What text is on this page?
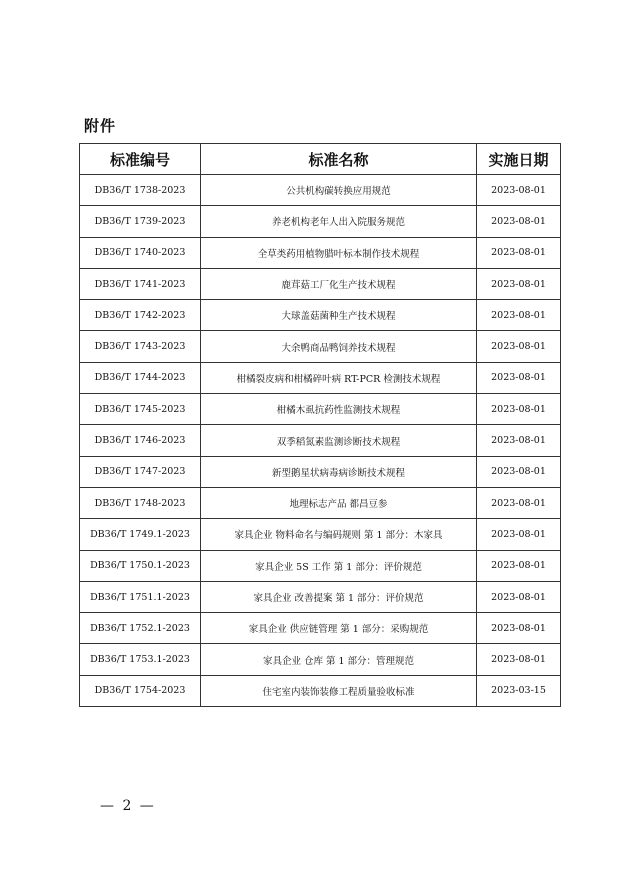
附件
标准编号	标准名称	实施日期
DB36/T 1738-2023	公共机构碳转换应用规范	2023-08-01
DB36/T 1739-2023	养老机构老年人出入院服务规范	2023-08-01
DB36/T 1740-2023	全草类药用植物腊叶标本制作技术规程	2023-08-01
DB36/T 1741-2023	鹿茸菇工厂化生产技术规程	2023-08-01
DB36/T 1742-2023	大球盖菇菌种生产技术规程	2023-08-01
DB36/T 1743-2023	大余鸭商品鸭饲养技术规程	2023-08-01
DB36/T 1744-2023	柑橘裂皮病和柑橘碎叶病 RT-PCR 检测技术规程	2023-08-01
DB36/T 1745-2023	柑橘木虱抗药性监测技术规程	2023-08-01
DB36/T 1746-2023	双季稻氮素监测诊断技术规程	2023-08-01
DB36/T 1747-2023	新型鹅星状病毒病诊断技术规程	2023-08-01
DB36/T 1748-2023	地理标志产品 都昌豆参	2023-08-01
DB36/T 1749.1-2023	家具企业 物料命名与编码规则 第 1 部分：木家具	2023-08-01
DB36/T 1750.1-2023	家具企业 5S 工作 第 1 部分：评价规范	2023-08-01
DB36/T 1751.1-2023	家具企业 改善提案 第 1 部分：评价规范	2023-08-01
DB36/T 1752.1-2023	家具企业 供应链管理 第 1 部分：采购规范	2023-08-01
DB36/T 1753.1-2023	家具企业 仓库 第 1 部分：管理规范	2023-08-01
DB36/T 1754-2023	住宅室内装饰装修工程质量验收标准	2023-03-15
— 2 —
